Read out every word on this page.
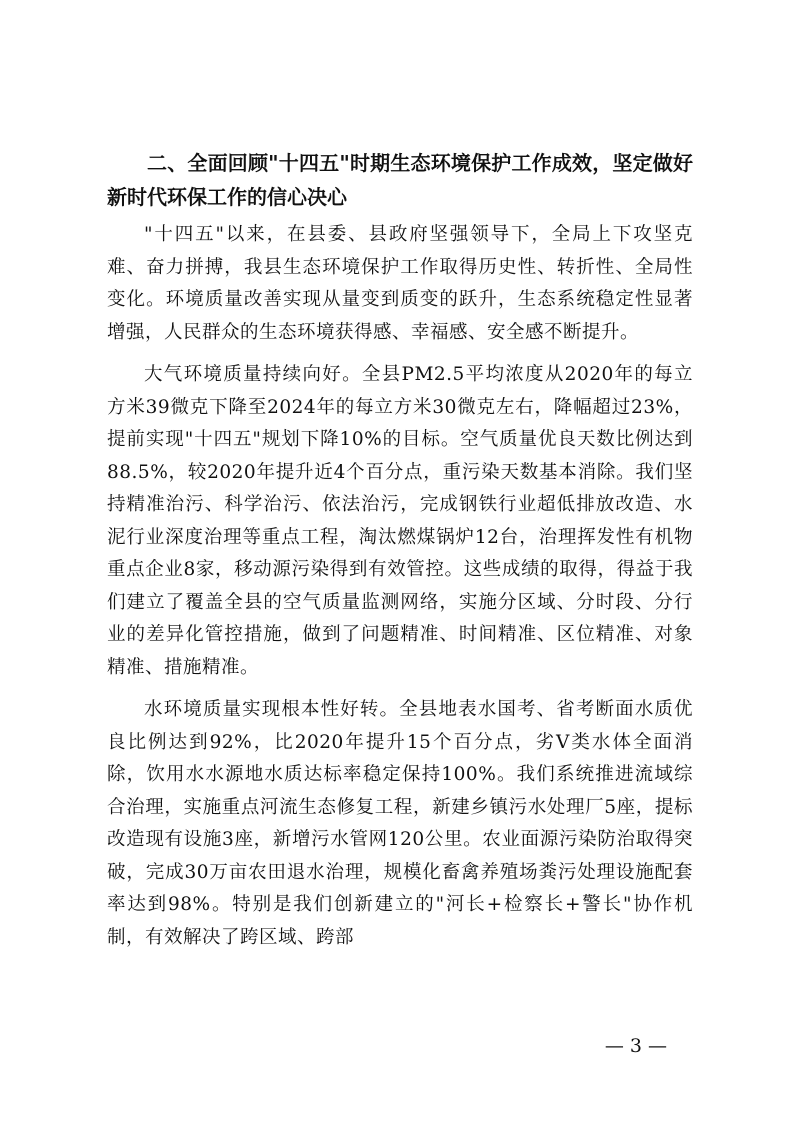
二、全面回顾"十四五"时期生态环境保护工作成效，坚定做好新时代环保工作的信心决心

"十四五"以来，在县委、县政府坚强领导下，全局上下攻坚克难、奋力拼搏，我县生态环境保护工作取得历史性、转折性、全局性变化。环境质量改善实现从量变到质变的跃升，生态系统稳定性显著增强，人民群众的生态环境获得感、幸福感、安全感不断提升。

大气环境质量持续向好。全县PM2.5平均浓度从2020年的每立方米39微克下降至2024年的每立方米30微克左右，降幅超过23%，提前实现"十四五"规划下降10%的目标。空气质量优良天数比例达到88.5%，较2020年提升近4个百分点，重污染天数基本消除。我们坚持精准治污、科学治污、依法治污，完成钢铁行业超低排放改造、水泥行业深度治理等重点工程，淘汰燃煤锅炉12台，治理挥发性有机物重点企业8家，移动源污染得到有效管控。这些成绩的取得，得益于我们建立了覆盖全县的空气质量监测网络，实施分区域、分时段、分行业的差异化管控措施，做到了问题精准、时间精准、区位精准、对象精准、措施精准。

水环境质量实现根本性好转。全县地表水国考、省考断面水质优良比例达到92%，比2020年提升15个百分点，劣Ⅴ类水体全面消除，饮用水水源地水质达标率稳定保持100%。我们系统推进流域综合治理，实施重点河流生态修复工程，新建乡镇污水处理厂5座，提标改造现有设施3座，新增污水管网120公里。农业面源污染防治取得突破，完成30万亩农田退水治理，规模化畜禽养殖场粪污处理设施配套率达到98%。特别是我们创新建立的"河长+检察长+警长"协作机制，有效解决了跨区域、跨部

— 3 —
